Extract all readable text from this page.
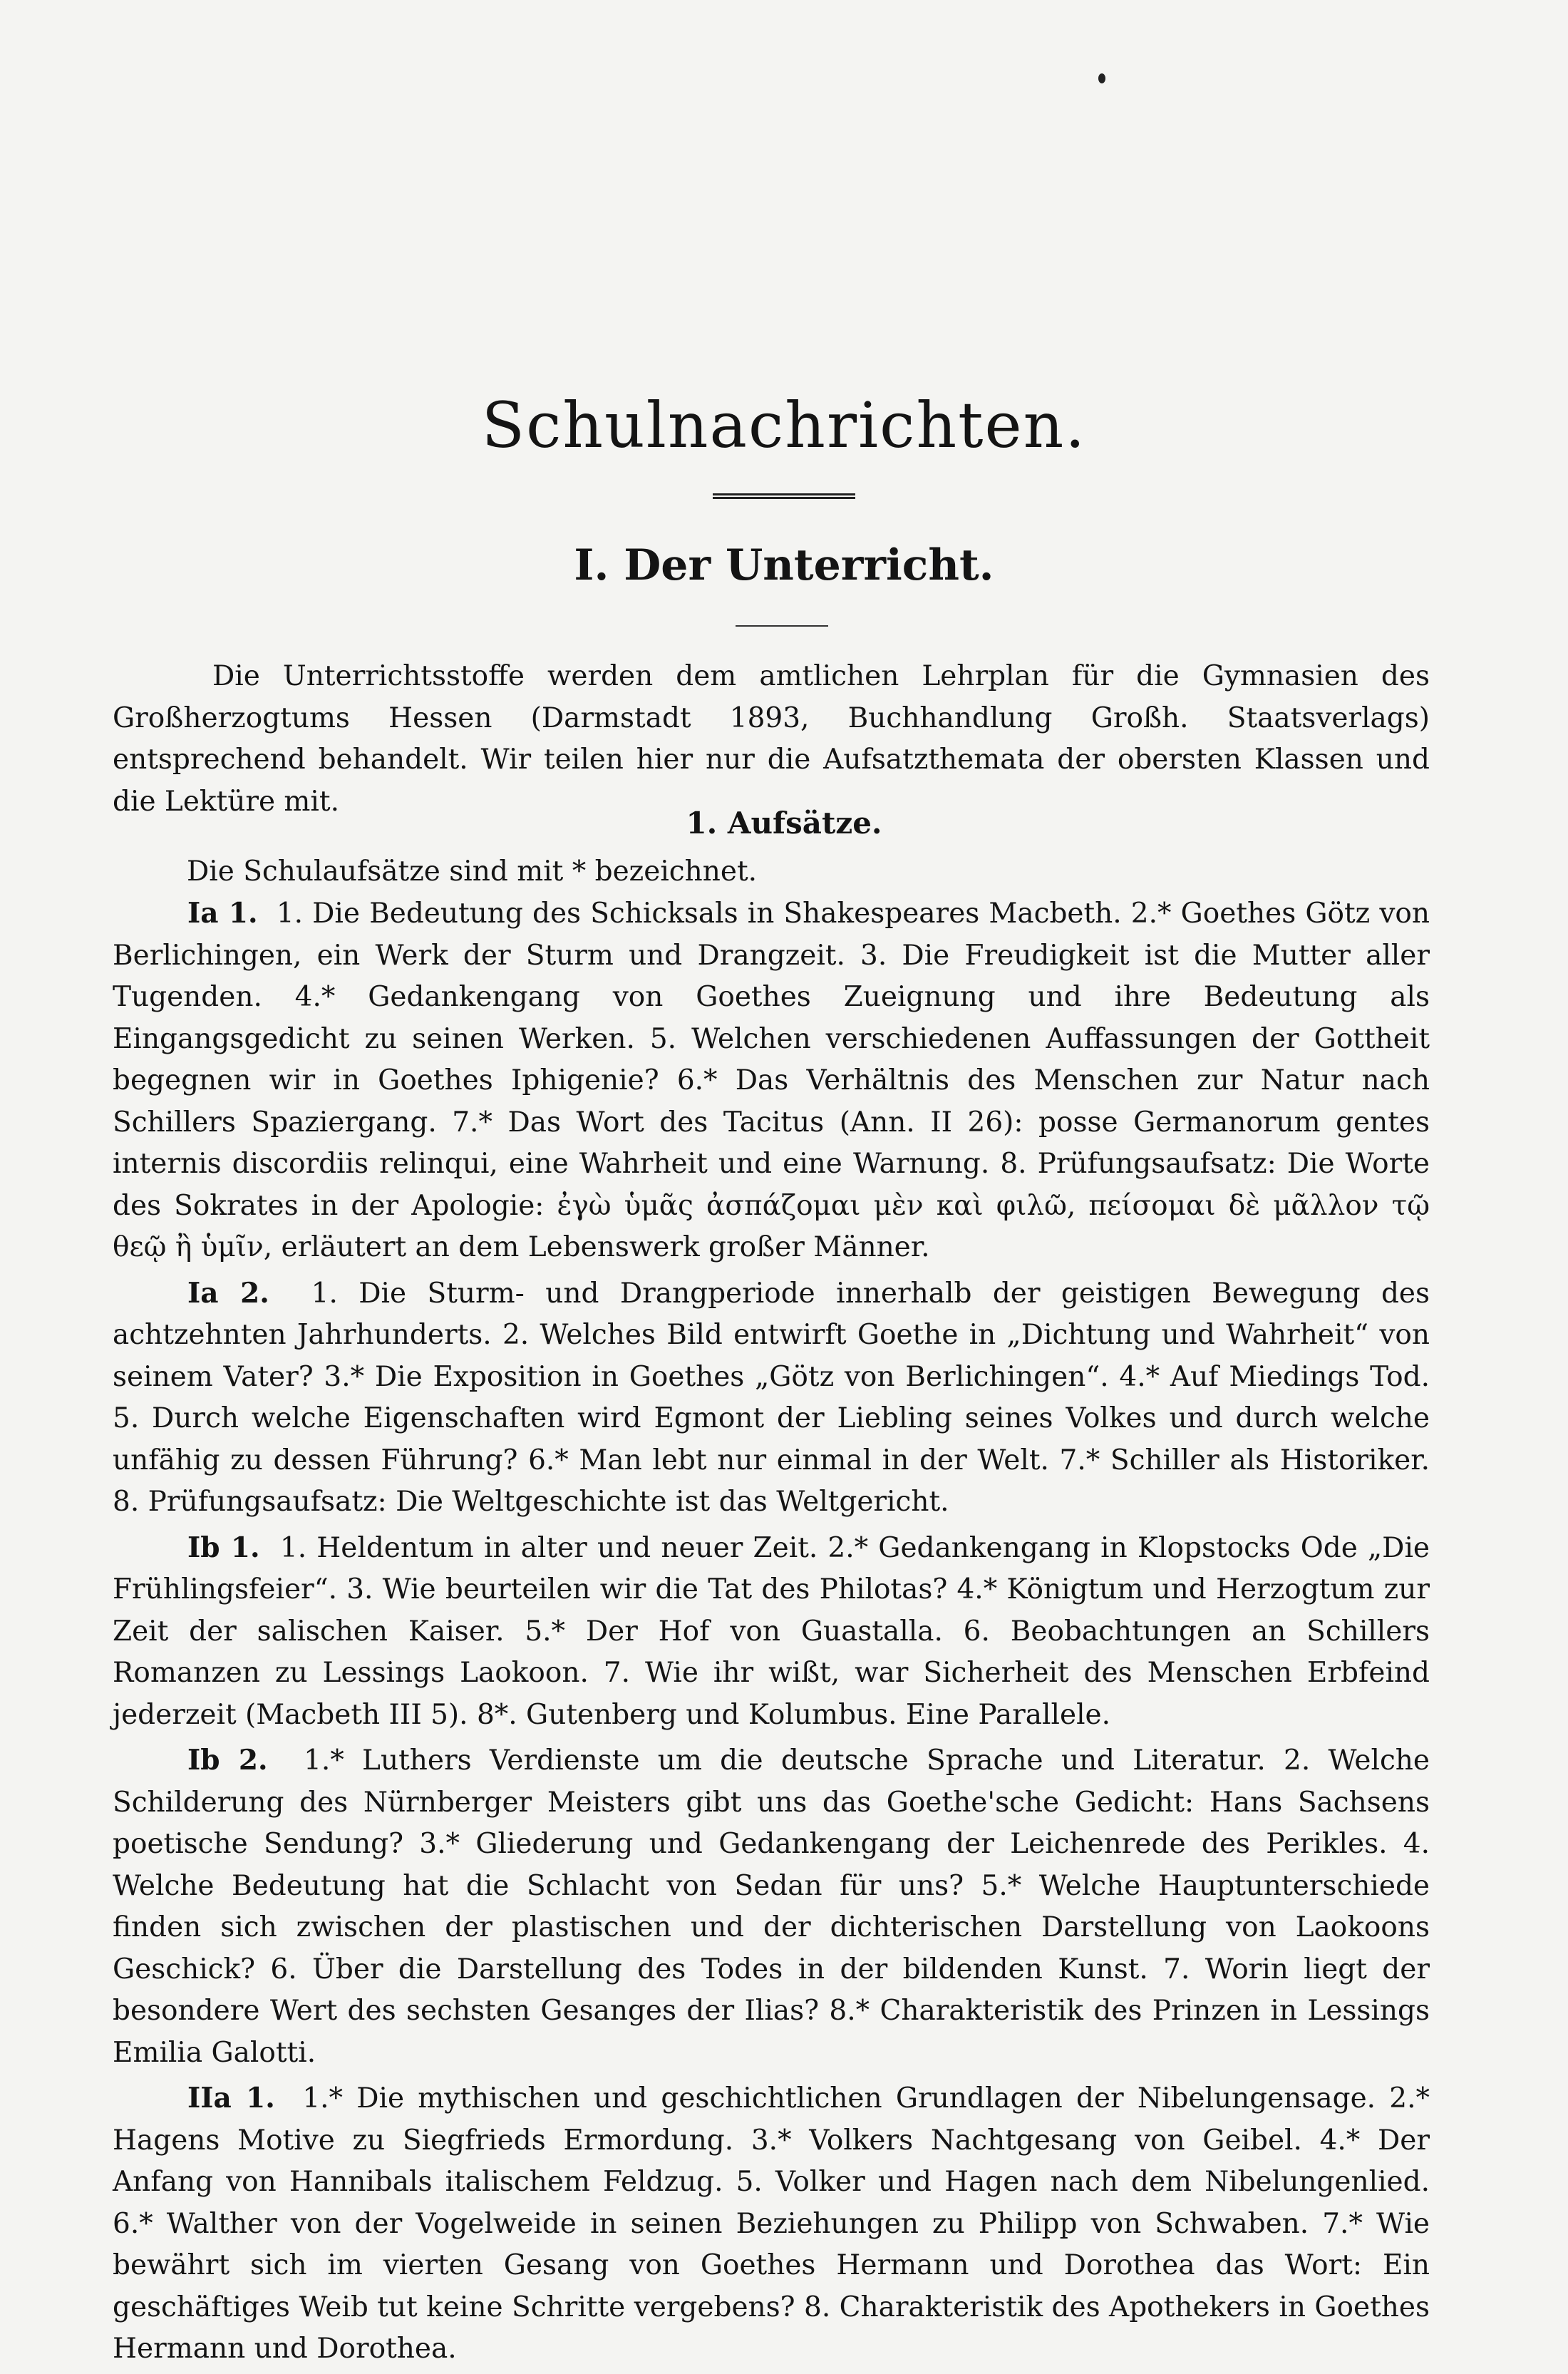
Schulnachrichten.
I. Der Unterricht.
Die Unterrichtsstoffe werden dem amtlichen Lehrplan für die Gymnasien des Großherzogtums Hessen (Darmstadt 1893, Buchhandlung Großh. Staatsverlags) entsprechend behandelt. Wir teilen hier nur die Aufsatzthemata der obersten Klassen und die Lektüre mit.
1. Aufsätze.
Die Schulaufsätze sind mit * bezeichnet.

Ia 1. 1. Die Bedeutung des Schicksals in Shakespeares Macbeth. 2.* Goethes Götz von Berlichingen, ein Werk der Sturm und Drangzeit. 3. Die Freudigkeit ist die Mutter aller Tugenden. 4.* Gedankengang von Goethes Zueignung und ihre Bedeutung als Eingangsgedicht zu seinen Werken. 5. Welchen verschiedenen Auffassungen der Gottheit begegnen wir in Goethes Iphigenie? 6.* Das Verhältnis des Menschen zur Natur nach Schillers Spaziergang. 7.* Das Wort des Tacitus (Ann. II 26): posse Germanorum gentes internis discordiis relinqui, eine Wahrheit und eine Warnung. 8. Prüfungsaufsatz: Die Worte des Sokrates in der Apologie: ἐγὼ ὑμᾶς ἀσπάζομαι μὲν καὶ φιλῶ, πείσομαι δὲ μᾶλλον τῷ θεῷ ἢ ὑμῖν, erläutert an dem Lebenswerk großer Männer.

Ia 2. 1. Die Sturm- und Drangperiode innerhalb der geistigen Bewegung des achtzehnten Jahrhunderts. 2. Welches Bild entwirft Goethe in „Dichtung und Wahrheit“ von seinem Vater? 3.* Die Exposition in Goethes „Götz von Berlichingen“. 4.* Auf Miedings Tod. 5. Durch welche Eigenschaften wird Egmont der Liebling seines Volkes und durch welche unfähig zu dessen Führung? 6.* Man lebt nur einmal in der Welt. 7.* Schiller als Historiker. 8. Prüfungsaufsatz: Die Weltgeschichte ist das Weltgericht.

Ib 1. 1. Heldentum in alter und neuer Zeit. 2.* Gedankengang in Klopstocks Ode „Die Frühlingsfeier“. 3. Wie beurteilen wir die Tat des Philotas? 4.* Königtum und Herzogtum zur Zeit der salischen Kaiser. 5.* Der Hof von Guastalla. 6. Beobachtungen an Schillers Romanzen zu Lessings Laokoon. 7. Wie ihr wißt, war Sicherheit des Menschen Erbfeind jederzeit (Macbeth III 5). 8*. Gutenberg und Kolumbus. Eine Parallele.

Ib 2. 1.* Luthers Verdienste um die deutsche Sprache und Literatur. 2. Welche Schilderung des Nürnberger Meisters gibt uns das Goethe'sche Gedicht: Hans Sachsens poetische Sendung? 3.* Gliederung und Gedankengang der Leichenrede des Perikles. 4. Welche Bedeutung hat die Schlacht von Sedan für uns? 5.* Welche Hauptunterschiede finden sich zwischen der plastischen und der dichterischen Darstellung von Laokoons Geschick? 6. Über die Darstellung des Todes in der bildenden Kunst. 7. Worin liegt der besondere Wert des sechsten Gesanges der Ilias? 8.* Charakteristik des Prinzen in Lessings Emilia Galotti.

IIa 1. 1.* Die mythischen und geschichtlichen Grundlagen der Nibelungensage. 2.* Hagens Motive zu Siegfrieds Ermordung. 3.* Volkers Nachtgesang von Geibel. 4.* Der Anfang von Hannibals italischem Feldzug. 5. Volker und Hagen nach dem Nibelungenlied. 6.* Walther von der Vogelweide in seinen Beziehungen zu Philipp von Schwaben. 7.* Wie bewährt sich im vierten Gesang von Goethes Hermann und Dorothea das Wort: Ein geschäftiges Weib tut keine Schritte vergebens? 8. Charakteristik des Apothekers in Goethes Hermann und Dorothea.
